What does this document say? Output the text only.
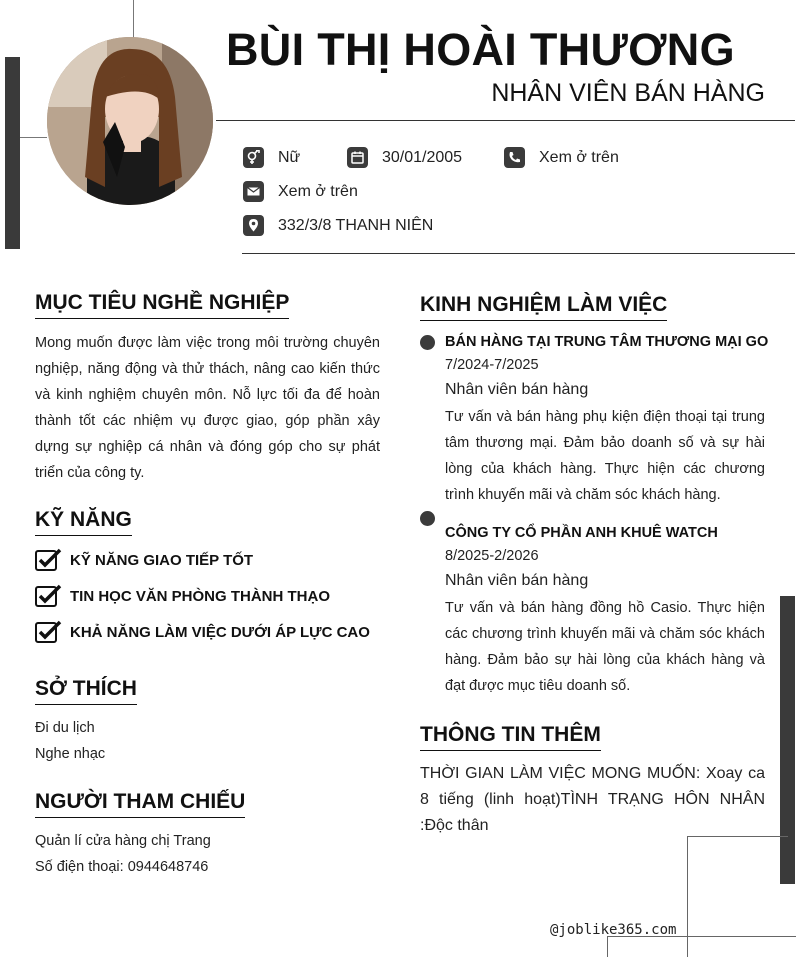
BÙI THỊ HOÀI THƯƠNG
NHÂN VIÊN BÁN HÀNG
Nữ	30/01/2005	Xem ở trên
Xem ở trên
332/3/8 THANH NIÊN
MỤC TIÊU NGHỀ NGHIỆP
Mong muốn được làm việc trong môi trường chuyên nghiệp, năng động và thử thách, nâng cao kiến thức và kinh nghiệm chuyên môn. Nỗ lực tối đa để hoàn thành tốt các nhiệm vụ được giao, góp phần xây dựng sự nghiệp cá nhân và đóng góp cho sự phát triển của công ty.
KỸ NĂNG
KỸ NĂNG GIAO TIẾP TỐT
TIN HỌC VĂN PHÒNG THÀNH THẠO
KHẢ NĂNG LÀM VIỆC DƯỚI ÁP LỰC CAO
SỞ THÍCH
Đi du lịch
Nghe nhạc
NGƯỜI THAM CHIẾU
Quản lí cửa hàng chị Trang
Số điện thoại: 0944648746
KINH NGHIỆM LÀM VIỆC
BÁN HÀNG TẠI TRUNG TÂM THƯƠNG MẠI GO
7/2024-7/2025
Nhân viên bán hàng
Tư vấn và bán hàng phụ kiện điện thoại tại trung tâm thương mại. Đảm bảo doanh số và sự hài lòng của khách hàng. Thực hiện các chương trình khuyến mãi và chăm sóc khách hàng.
CÔNG TY CỔ PHẦN ANH KHUÊ WATCH
8/2025-2/2026
Nhân viên bán hàng
Tư vấn và bán hàng đồng hồ Casio. Thực hiện các chương trình khuyến mãi và chăm sóc khách hàng. Đảm bảo sự hài lòng của khách hàng và đạt được mục tiêu doanh số.
THÔNG TIN THÊM
THỜI GIAN LÀM VIỆC MONG MUỐN: Xoay ca 8 tiếng (linh hoạt)TÌNH TRẠNG HÔN NHÂN :Độc thân
@joblike365.com
